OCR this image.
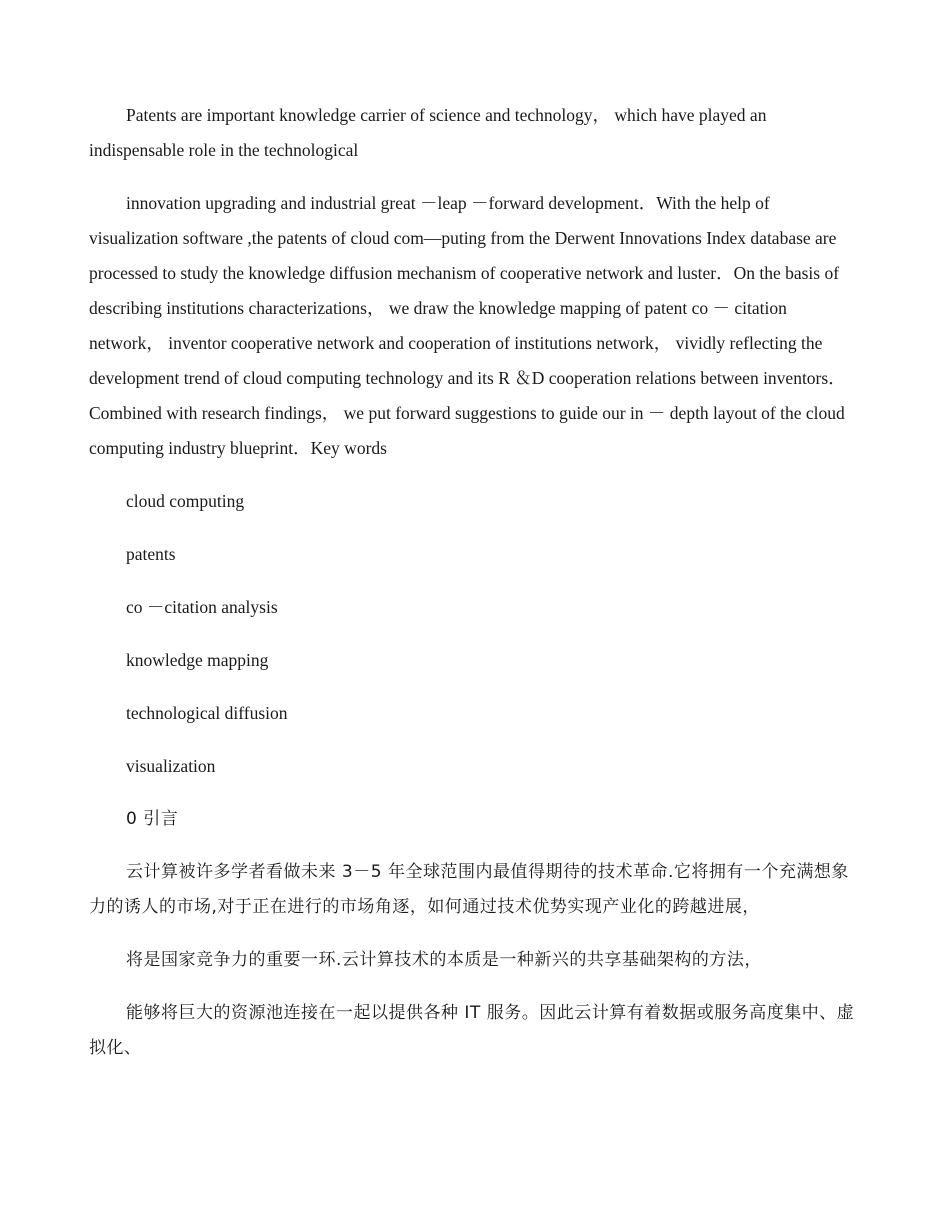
Patents are important knowledge carrier of science and technology， which have played an indispensable role in the technological

innovation upgrading and industrial great －leap －forward development．With the help of visualization software ,the patents of cloud com—puting from the Derwent Innovations Index database are processed to study the knowledge diffusion mechanism of cooperative network and luster．On the basis of describing institutions characterizations， we draw the knowledge mapping of patent co － citation network， inventor cooperative network and cooperation of institutions network， vividly reflecting the development trend of cloud computing technology and its R ＆D cooperation relations between inventors．Combined with research findings， we put forward suggestions to guide our in － depth layout of the cloud computing industry blueprint．Key words

cloud computing

patents

co －citation analysis

knowledge mapping

technological diffusion

visualization

0 引言

云计算被许多学者看做未来 3－5 年全球范围内最值得期待的技术革命.它将拥有一个充满想象力的诱人的市场,对于正在进行的市场角逐，如何通过技术优势实现产业化的跨越进展，

将是国家竞争力的重要一环.云计算技术的本质是一种新兴的共享基础架构的方法，

能够将巨大的资源池连接在一起以提供各种 IT 服务。因此云计算有着数据或服务高度集中、虚拟化、
